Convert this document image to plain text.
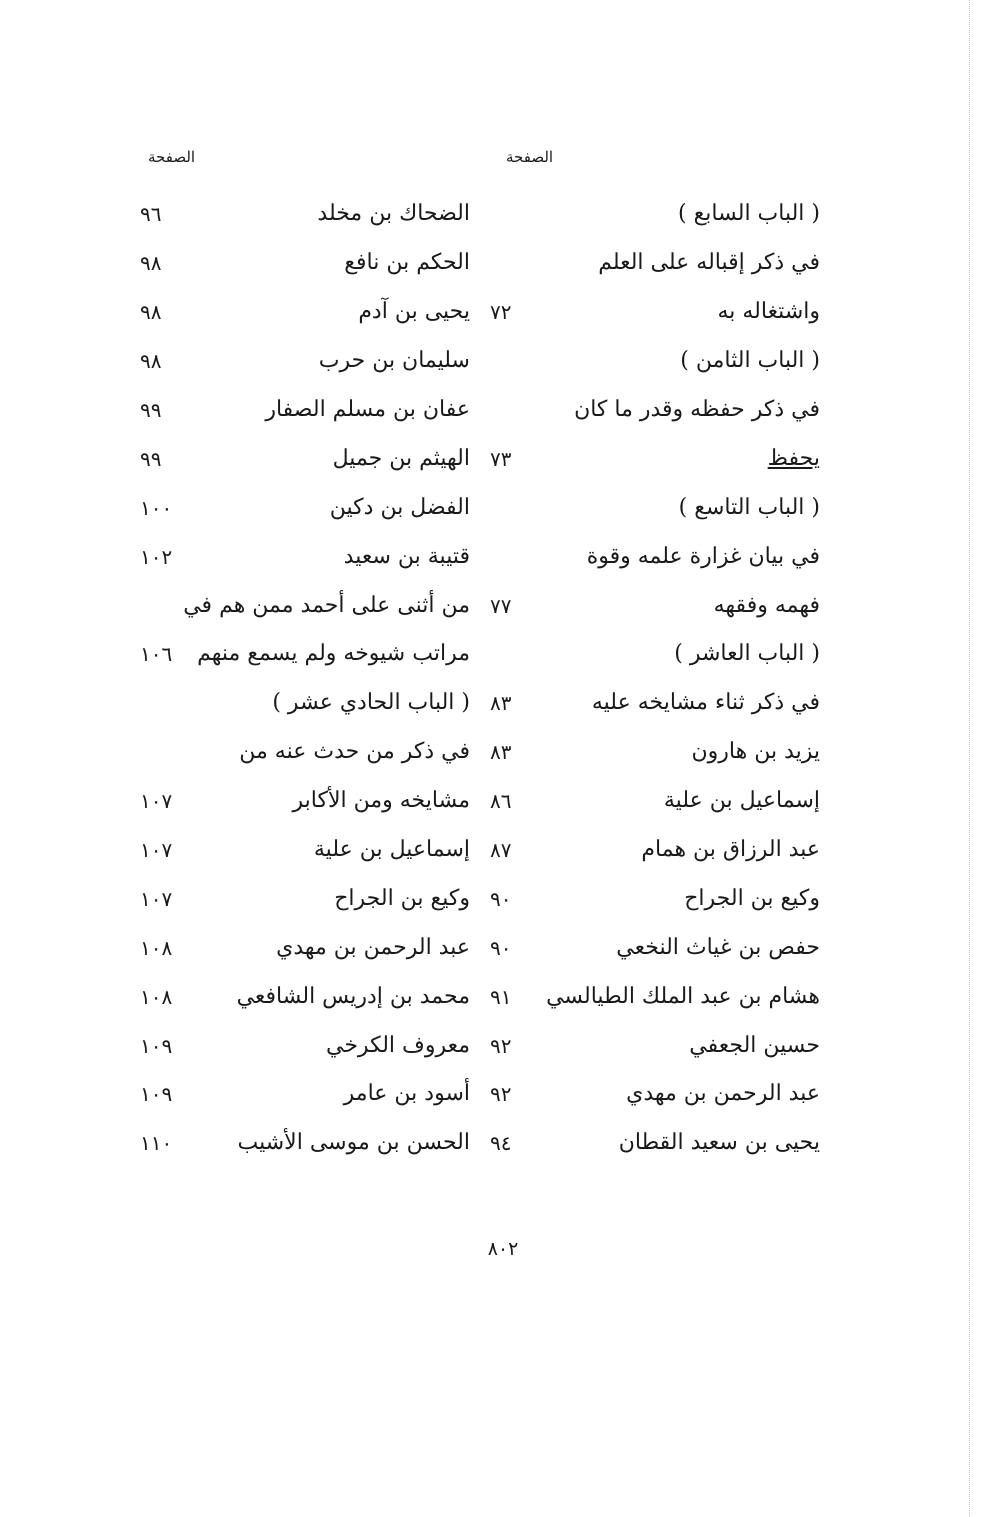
الصفحة
الصفحة
( الباب السابع )
في ذكر إقباله على العلم
واشتغاله به
٧٢
( الباب الثامن )
في ذكر حفظه وقدر ما كان
يحفظ
٧٣
( الباب التاسع )
في بيان غزارة علمه وقوة
فهمه وفقهه
٧٧
( الباب العاشر )
في ذكر ثناء مشايخه عليه
٨٣
يزيد بن هارون
٨٣
إسماعيل بن علية
٨٦
عبد الرزاق بن همام
٨٧
وكيع بن الجراح
٩٠
حفص بن غياث النخعي
٩٠
هشام بن عبد الملك الطيالسي
٩١
حسين الجعفي
٩٢
عبد الرحمن بن مهدي
٩٢
يحيى بن سعيد القطان
٩٤
الضحاك بن مخلد
٩٦
الحكم بن نافع
٩٨
يحيى بن آدم
٩٨
سليمان بن حرب
٩٨
عفان بن مسلم الصفار
٩٩
الهيثم بن جميل
٩٩
الفضل بن دكين
١٠٠
قتيبة بن سعيد
١٠٢
من أثنى على أحمد ممن هم في
مراتب شيوخه ولم يسمع منهم
١٠٦
( الباب الحادي عشر )
في ذكر من حدث عنه من
مشايخه ومن الأكابر
١٠٧
إسماعيل بن علية
١٠٧
وكيع بن الجراح
١٠٧
عبد الرحمن بن مهدي
١٠٨
محمد بن إدريس الشافعي
١٠٨
معروف الكرخي
١٠٩
أسود بن عامر
١٠٩
الحسن بن موسى الأشيب
١١٠
٨٠٢
